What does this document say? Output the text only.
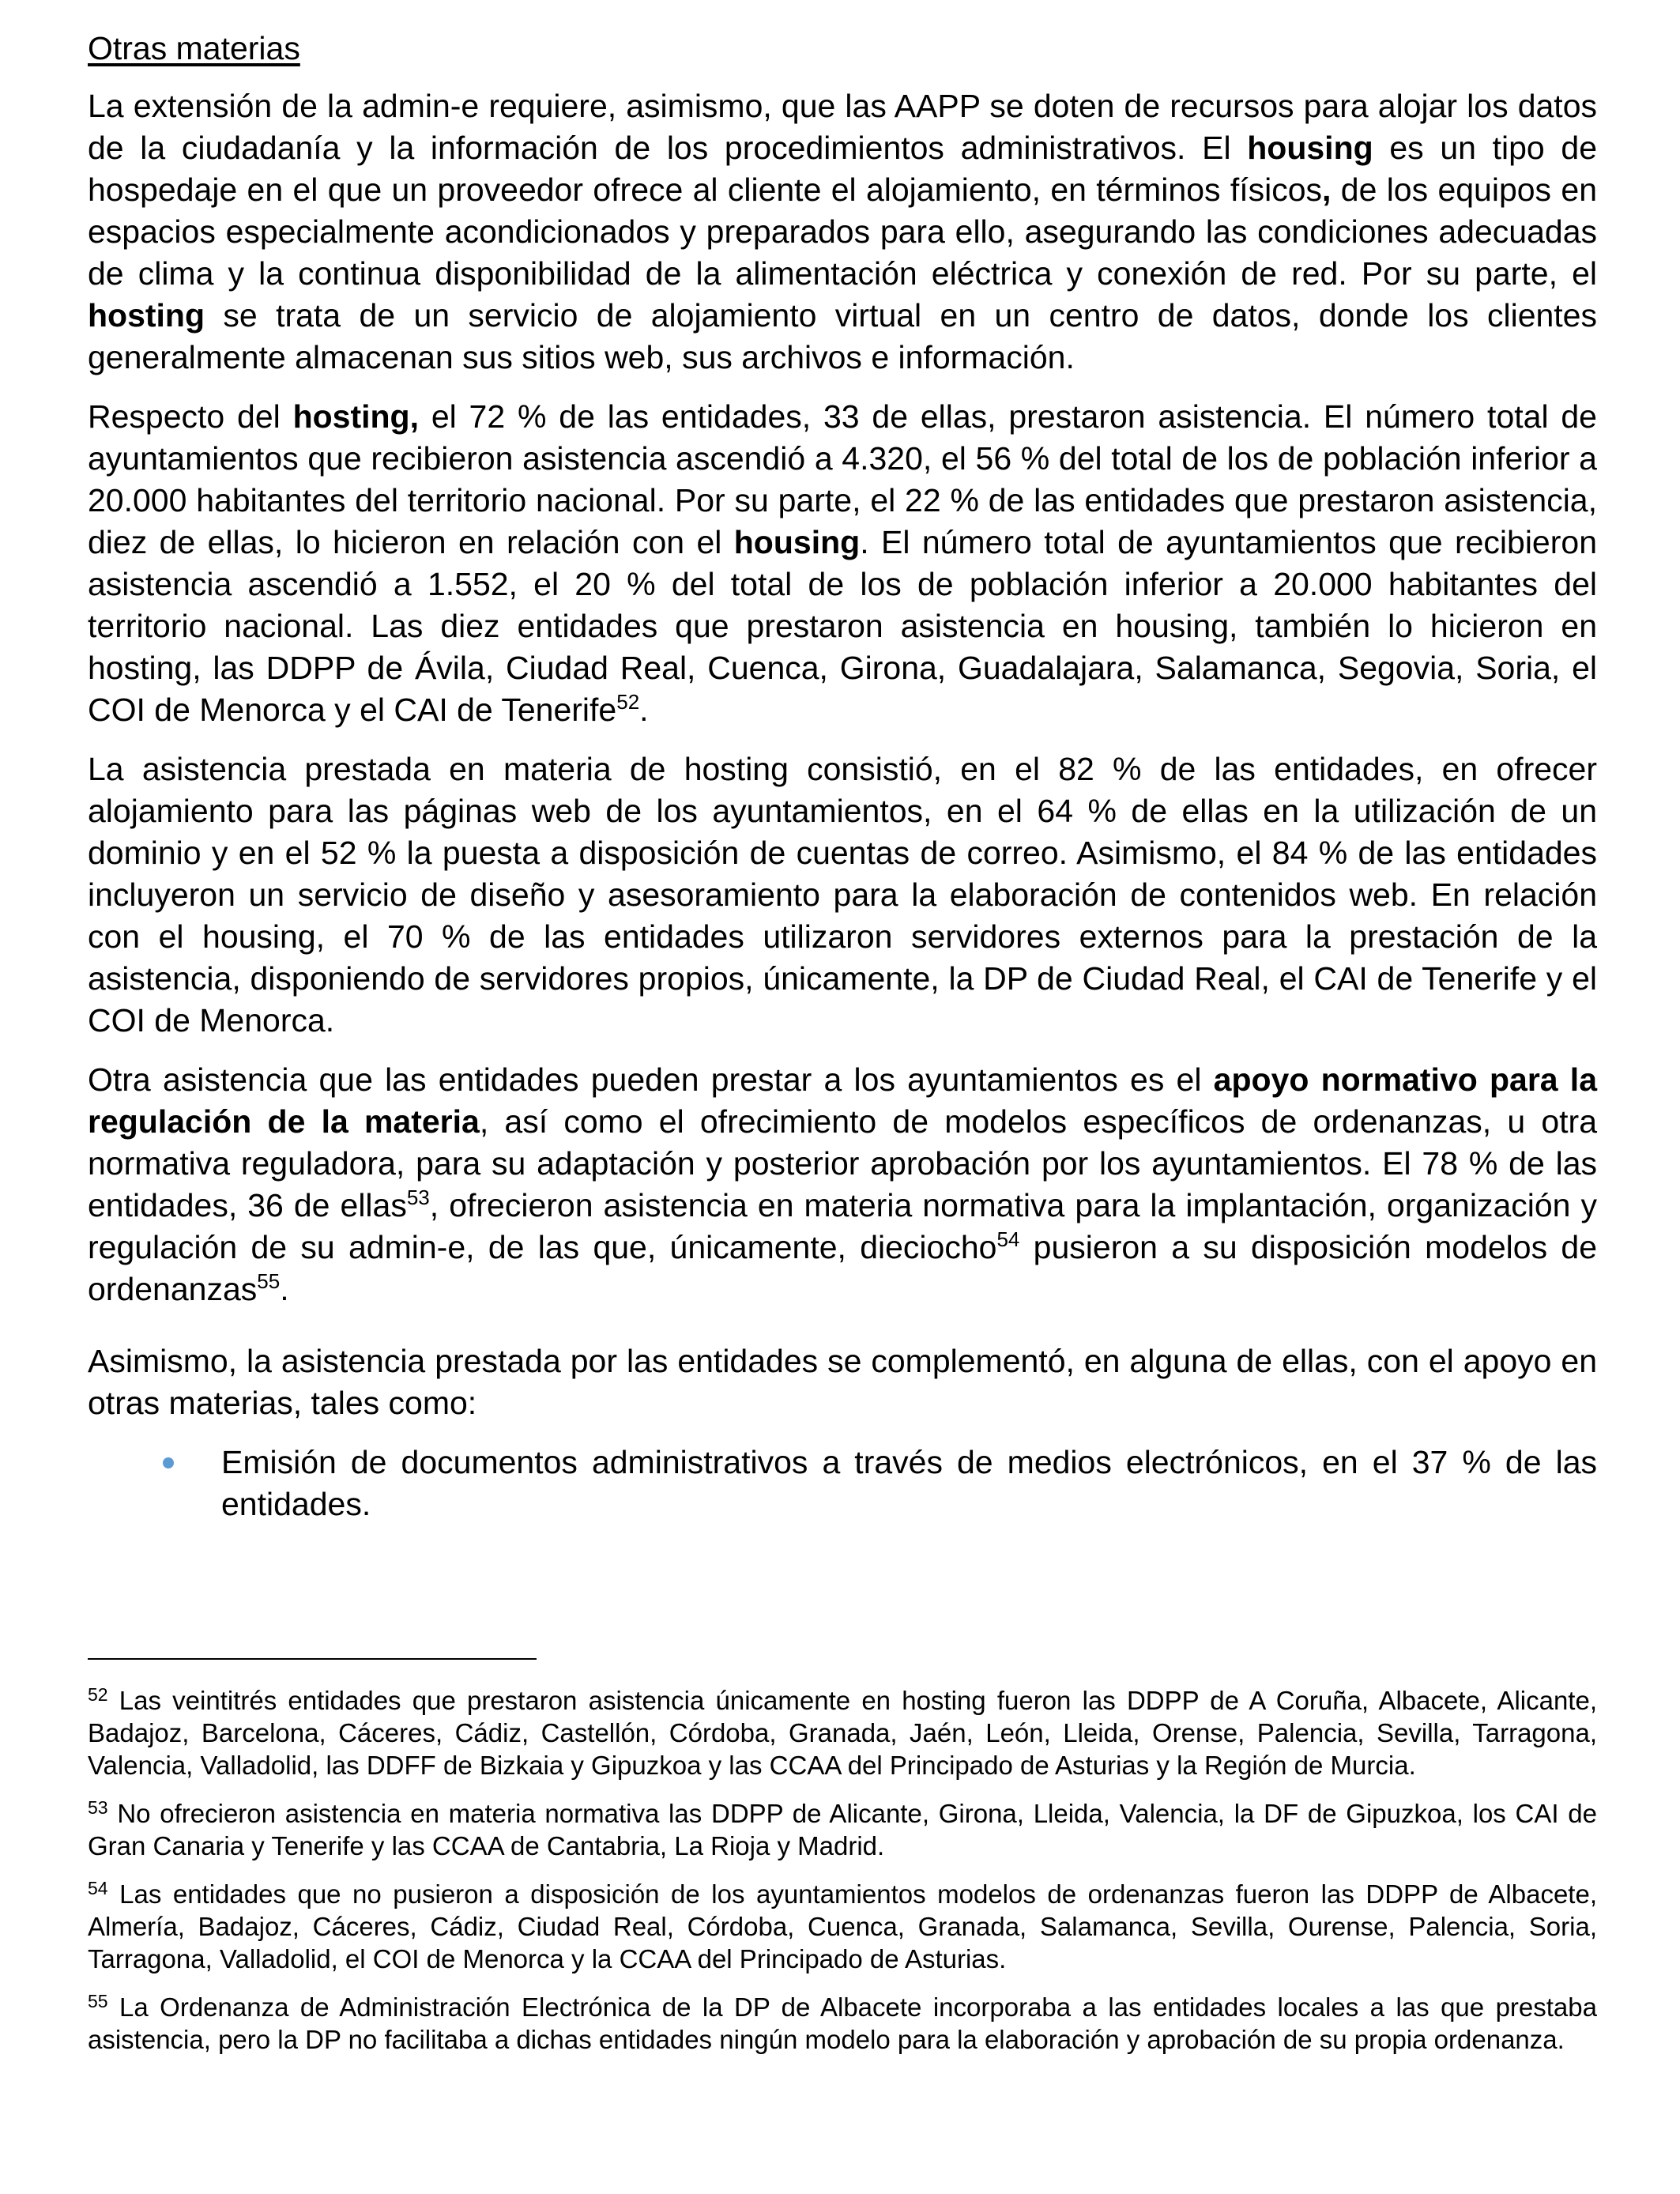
Otras materias

La extensión de la admin-e requiere, asimismo, que las AAPP se doten de recursos para alojar los datos de la ciudadanía y la información de los procedimientos administrativos. El housing es un tipo de hospedaje en el que un proveedor ofrece al cliente el alojamiento, en términos físicos, de los equipos en espacios especialmente acondicionados y preparados para ello, asegurando las condiciones adecuadas de clima y la continua disponibilidad de la alimentación eléctrica y conexión de red. Por su parte, el hosting se trata de un servicio de alojamiento virtual en un centro de datos, donde los clientes generalmente almacenan sus sitios web, sus archivos e información.

Respecto del hosting, el 72 % de las entidades, 33 de ellas, prestaron asistencia. El número total de ayuntamientos que recibieron asistencia ascendió a 4.320, el 56 % del total de los de población inferior a 20.000 habitantes del territorio nacional. Por su parte, el 22 % de las entidades que prestaron asistencia, diez de ellas, lo hicieron en relación con el housing. El número total de ayuntamientos que recibieron asistencia ascendió a 1.552, el 20 % del total de los de población inferior a 20.000 habitantes del territorio nacional. Las diez entidades que prestaron asistencia en housing, también lo hicieron en hosting, las DDPP de Ávila, Ciudad Real, Cuenca, Girona, Guadalajara, Salamanca, Segovia, Soria, el COI de Menorca y el CAI de Tenerife$^{52}$.

La asistencia prestada en materia de hosting consistió, en el 82 % de las entidades, en ofrecer alojamiento para las páginas web de los ayuntamientos, en el 64 % de ellas en la utilización de un dominio y en el 52 % la puesta a disposición de cuentas de correo. Asimismo, el 84 % de las entidades incluyeron un servicio de diseño y asesoramiento para la elaboración de contenidos web. En relación con el housing, el 70 % de las entidades utilizaron servidores externos para la prestación de la asistencia, disponiendo de servidores propios, únicamente, la DP de Ciudad Real, el CAI de Tenerife y el COI de Menorca.

Otra asistencia que las entidades pueden prestar a los ayuntamientos es el apoyo normativo para la regulación de la materia, así como el ofrecimiento de modelos específicos de ordenanzas, u otra normativa reguladora, para su adaptación y posterior aprobación por los ayuntamientos. El 78 % de las entidades, 36 de ellas$^{53}$, ofrecieron asistencia en materia normativa para la implantación, organización y regulación de su admin-e, de las que, únicamente, dieciocho$^{54}$ pusieron a su disposición modelos de ordenanzas$^{55}$.

Asimismo, la asistencia prestada por las entidades se complementó, en alguna de ellas, con el apoyo en otras materias, tales como:

Emisión de documentos administrativos a través de medios electrónicos, en el 37 % de las entidades.

$^{52}$ Las veintitrés entidades que prestaron asistencia únicamente en hosting fueron las DDPP de A Coruña, Albacete, Alicante, Badajoz, Barcelona, Cáceres, Cádiz, Castellón, Córdoba, Granada, Jaén, León, Lleida, Orense, Palencia, Sevilla, Tarragona, Valencia, Valladolid, las DDFF de Bizkaia y Gipuzkoa y las CCAA del Principado de Asturias y la Región de Murcia.

$^{53}$ No ofrecieron asistencia en materia normativa las DDPP de Alicante, Girona, Lleida, Valencia, la DF de Gipuzkoa, los CAI de Gran Canaria y Tenerife y las CCAA de Cantabria, La Rioja y Madrid.

$^{54}$ Las entidades que no pusieron a disposición de los ayuntamientos modelos de ordenanzas fueron las DDPP de Albacete, Almería, Badajoz, Cáceres, Cádiz, Ciudad Real, Córdoba, Cuenca, Granada, Salamanca, Sevilla, Ourense, Palencia, Soria, Tarragona, Valladolid, el COI de Menorca y la CCAA del Principado de Asturias.

$^{55}$ La Ordenanza de Administración Electrónica de la DP de Albacete incorporaba a las entidades locales a las que prestaba asistencia, pero la DP no facilitaba a dichas entidades ningún modelo para la elaboración y aprobación de su propia ordenanza.
